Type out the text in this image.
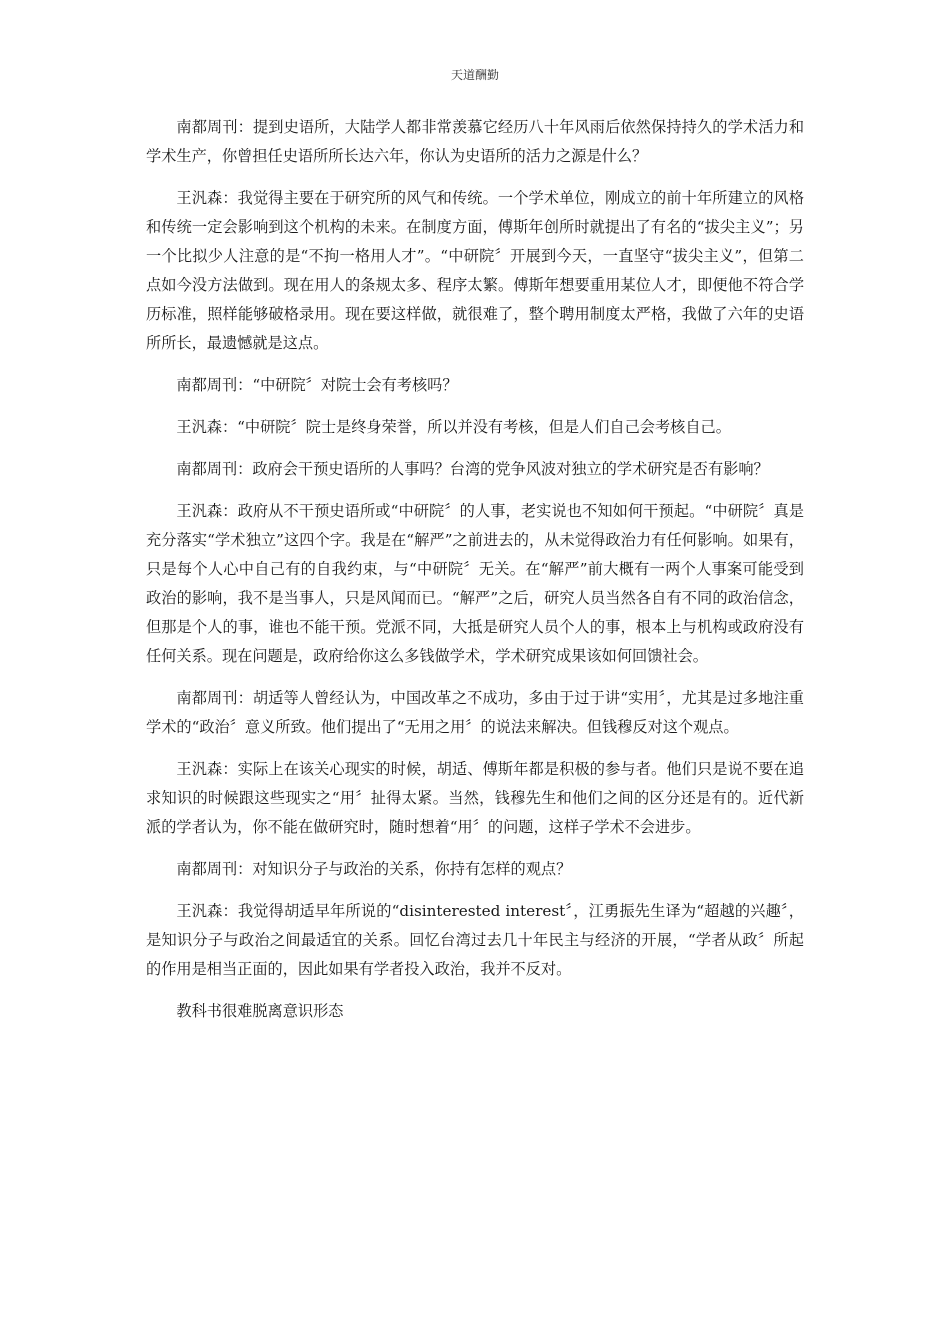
天道酬勤

南都周刊：提到史语所，大陆学人都非常羡慕它经历八十年风雨后依然保持持久的学术活力和学术生产，你曾担任史语所所长达六年，你认为史语所的活力之源是什么？

王汎森：我觉得主要在于研究所的风气和传统。一个学术单位，刚成立的前十年所建立的风格和传统一定会影响到这个机构的未来。在制度方面，傅斯年创所时就提出了有名的“拔尖主义”；另一个比拟少人注意的是“不拘一格用人才”。“中研院〞开展到今天，一直坚守“拔尖主义”，但第二点如今没方法做到。现在用人的条规太多、程序太繁。傅斯年想要重用某位人才，即便他不符合学历标准，照样能够破格录用。现在要这样做，就很难了，整个聘用制度太严格，我做了六年的史语所所长，最遗憾就是这点。

南都周刊：“中研院〞对院士会有考核吗？

王汎森：“中研院〞院士是终身荣誉，所以并没有考核，但是人们自己会考核自己。

南都周刊：政府会干预史语所的人事吗？台湾的党争风波对独立的学术研究是否有影响？

王汎森：政府从不干预史语所或“中研院〞的人事，老实说也不知如何干预起。“中研院〞真是充分落实“学术独立”这四个字。我是在“解严”之前进去的，从未觉得政治力有任何影响。如果有，只是每个人心中自己有的自我约束，与“中研院〞无关。在“解严”前大概有一两个人事案可能受到政治的影响，我不是当事人，只是风闻而已。“解严”之后，研究人员当然各自有不同的政治信念，但那是个人的事，谁也不能干预。党派不同，大抵是研究人员个人的事，根本上与机构或政府没有任何关系。现在问题是，政府给你这么多钱做学术，学术研究成果该如何回馈社会。

南都周刊：胡适等人曾经认为，中国改革之不成功，多由于过于讲“实用〞，尤其是过多地注重学术的“政治〞意义所致。他们提出了“无用之用〞的说法来解决。但钱穆反对这个观点。

王汎森：实际上在该关心现实的时候，胡适、傅斯年都是积极的参与者。他们只是说不要在追求知识的时候跟这些现实之“用〞扯得太紧。当然，钱穆先生和他们之间的区分还是有的。近代新派的学者认为，你不能在做研究时，随时想着“用〞的问题，这样子学术不会进步。

南都周刊：对知识分子与政治的关系，你持有怎样的观点？

王汎森：我觉得胡适早年所说的“disinterested interest〞，江勇振先生译为“超越的兴趣〞，是知识分子与政治之间最适宜的关系。回忆台湾过去几十年民主与经济的开展，“学者从政〞所起的作用是相当正面的，因此如果有学者投入政治，我并不反对。

教科书很难脱离意识形态
